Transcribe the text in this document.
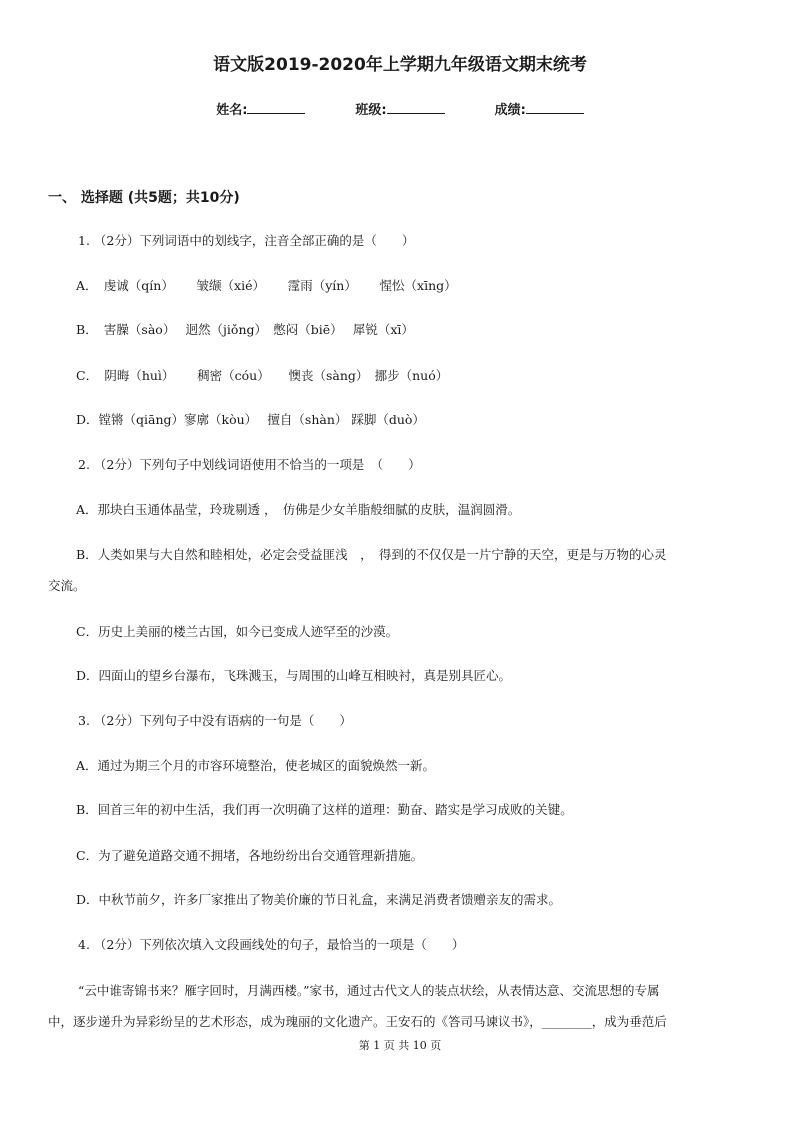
语文版2019-2020年上学期九年级语文期末统考
姓名:	班级:	成绩:
一、 选择题 (共5题；共10分)
1. （2分）下列词语中的划线字，注音全部正确的是（　　）
A．　虔诚（qín）　　 皱缬（xié）　　 霪雨（yín）　　 惺忪（xīng）
B．　害臊（sào）　 迥然（jiǒng）　憋闷（biē）　 犀锐（xī）
C．　阴晦（huì）　　 稠密（cóu）　　懊丧（sàng）　挪步（nuó）
D．镗锵（qiāng）寥廓（kòu）　 擅自（shàn） 踩脚（duò）
2. （2分）下列句子中划线词语使用不恰当的一项是　（　　）
A．那块白玉通体晶莹，玲珑剔透 ，　仿佛是少女羊脂般细腻的皮肤，温润圆滑。
B．人类如果与大自然和睦相处，必定会受益匪浅　，　得到的不仅仅是一片宁静的天空，更是与万物的心灵
交流。
C．历史上美丽的楼兰古国，如今已变成人迹罕至的沙漠。
D．四面山的望乡台瀑布，飞珠溅玉，与周围的山峰互相映衬，真是别具匠心。
3. （2分）下列句子中没有语病的一句是（　　）
A．通过为期三个月的市容环境整治，使老城区的面貌焕然一新。
B．回首三年的初中生活，我们再一次明确了这样的道理：勤奋、踏实是学习成败的关键。
C．为了避免道路交通不拥堵，各地纷纷出台交通管理新措施。
D．中秋节前夕，许多厂家推出了物美价廉的节日礼盒，来满足消费者馈赠亲友的需求。
4. （2分）下列依次填入文段画线处的句子，最恰当的一项是（　　）
“云中谁寄锦书来？雁字回时，月满西楼。”家书，通过古代文人的装点状绘，从表情达意、交流思想的专属
中，逐步递升为异彩纷呈的艺术形态，成为瑰丽的文化遗产。王安石的《答司马谏议书》，________，成为垂范后
第 1 页 共 10 页
